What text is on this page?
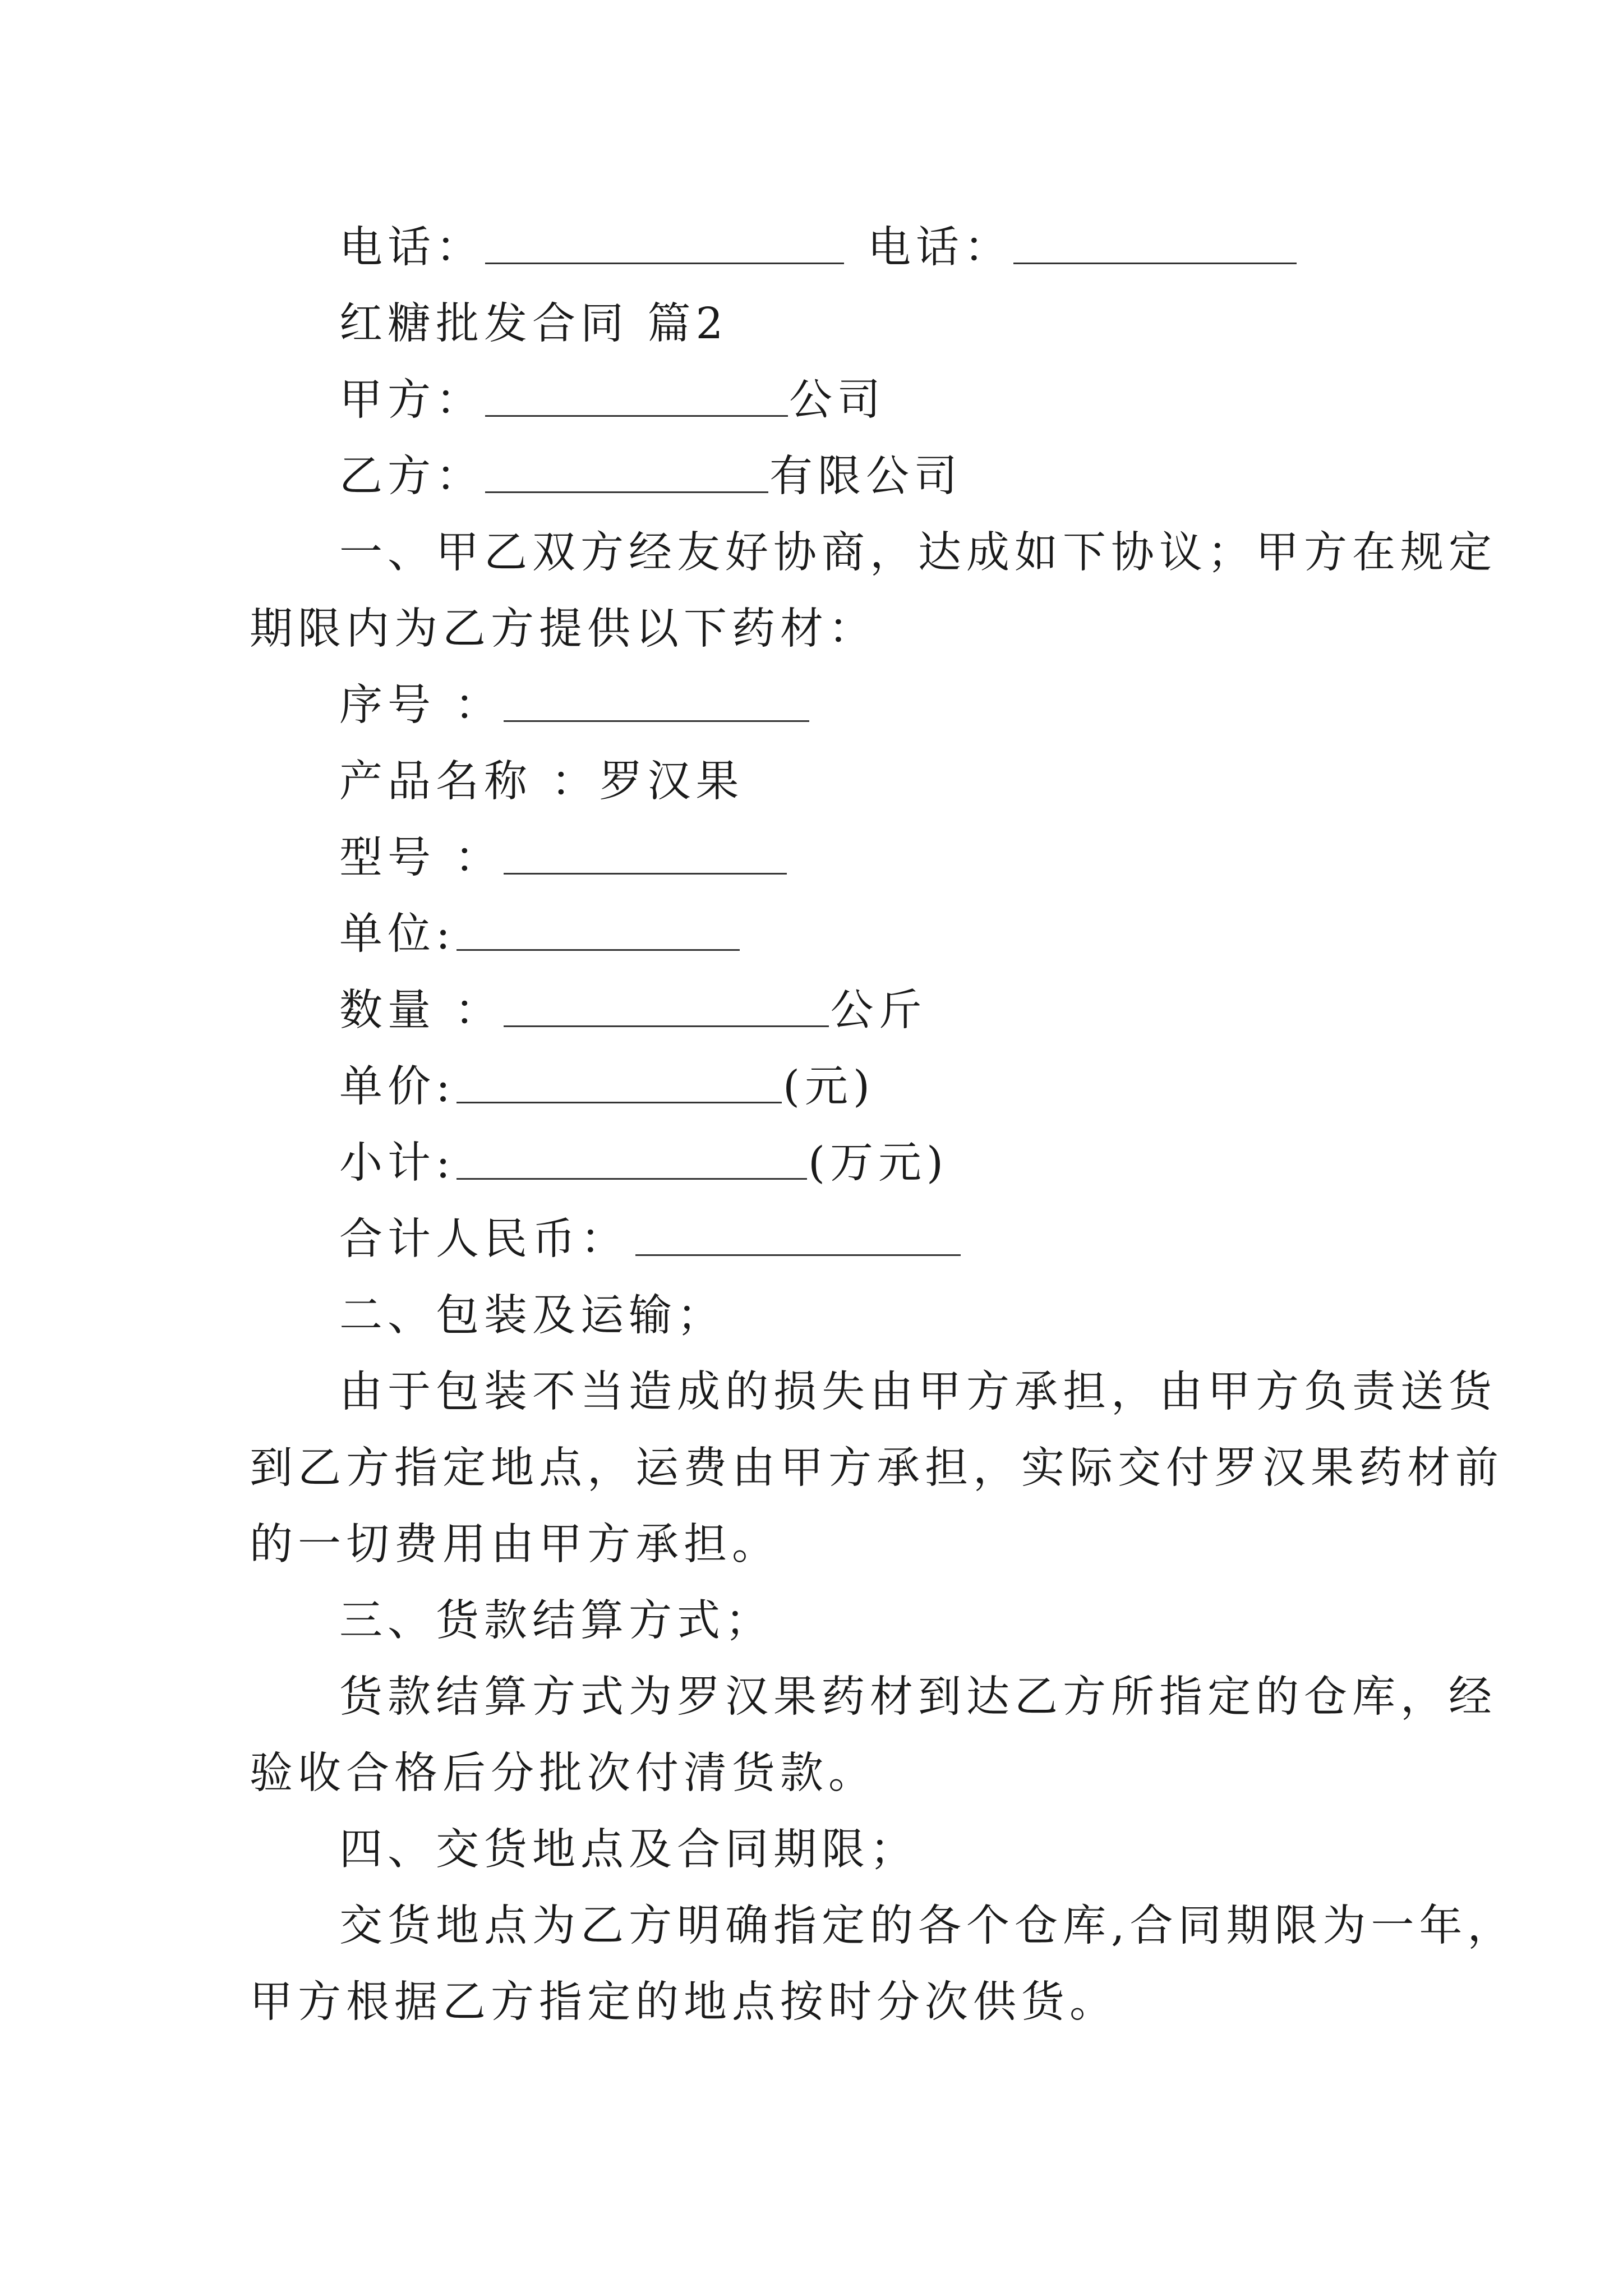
电话：	电话：
红糖批发合同 篇2
甲方：	公司
乙方：	有限公司
一、甲乙双方经友好协商，达成如下协议；甲方在规定
期限内为乙方提供以下药材：
序号 ：
产品名称 ：罗汉果
型号 ：
单位:
数量 ：	公斤
单价:	(元)
小计:	(万元)
合计人民币：
二、包装及运输；
由于包装不当造成的损失由甲方承担，由甲方负责送货
到乙方指定地点，运费由甲方承担，实际交付罗汉果药材前
的一切费用由甲方承担。
三、货款结算方式；
货款结算方式为罗汉果药材到达乙方所指定的仓库，经
验收合格后分批次付清货款。
四、交货地点及合同期限；
交货地点为乙方明确指定的各个仓库,合同期限为一年，
甲方根据乙方指定的地点按时分次供货。
